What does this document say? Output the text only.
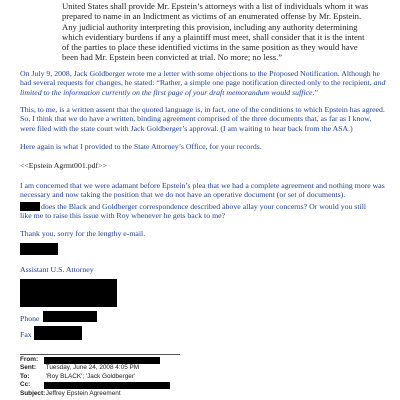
United States shall provide Mr. Epstein’s attorneys with a list of individuals whom it was prepared to name in an Indictment as victims of an enumerated offense by Mr. Epstein. Any judicial authority interpreting this provision, including any authority determining which evidentiary burdens if any a plaintiff must meet, shall consider that it is the intent of the parties to place these identified victims in the same position as they would have been had Mr. Epstein been convicted at trial. No more; no less.”

On July 9, 2008, Jack Goldberger wrote me a letter with some objections to the Proposed Notification. Although he had several requests for changes, he stated: “Rather, a simple one page notification directed only to the recipient, and limited to the information currently on the first page of your draft memorandum would suffice.”

This, to me, is a written assent that the quoted language is, in fact, one of the conditions to which Epstein has agreed. So, I think that we do have a written, binding agreement comprised of the three documents that, as far as I know, were filed with the state court with Jack Goldberger’s approval. (I am waiting to hear back from the ASA.)

Here again is what I provided to the State Attorney’s Office, for your records.

<<Epstein Agrmt001.pdf>>

I am concerned that we were adamant before Epstein’s plea that we had a complete agreement and nothing more was necessary and now taking the position that we do not have an operative document (or set of documents).

does the Black and Goldberger correspondence described above allay your concerns? Or would you still

like me to raise this issue with Roy whenever he gets back to me?

Thank you, sorry for the lengthy e-mail.

Assistant U.S. Attorney

Phone

Fax

From:
Sent: Tuesday, June 24, 2008 4:05 PM
To:	'Roy BLACK'; 'Jack Goldberger'
Cc:
Subject: Jeffrey Epstein Agreement
